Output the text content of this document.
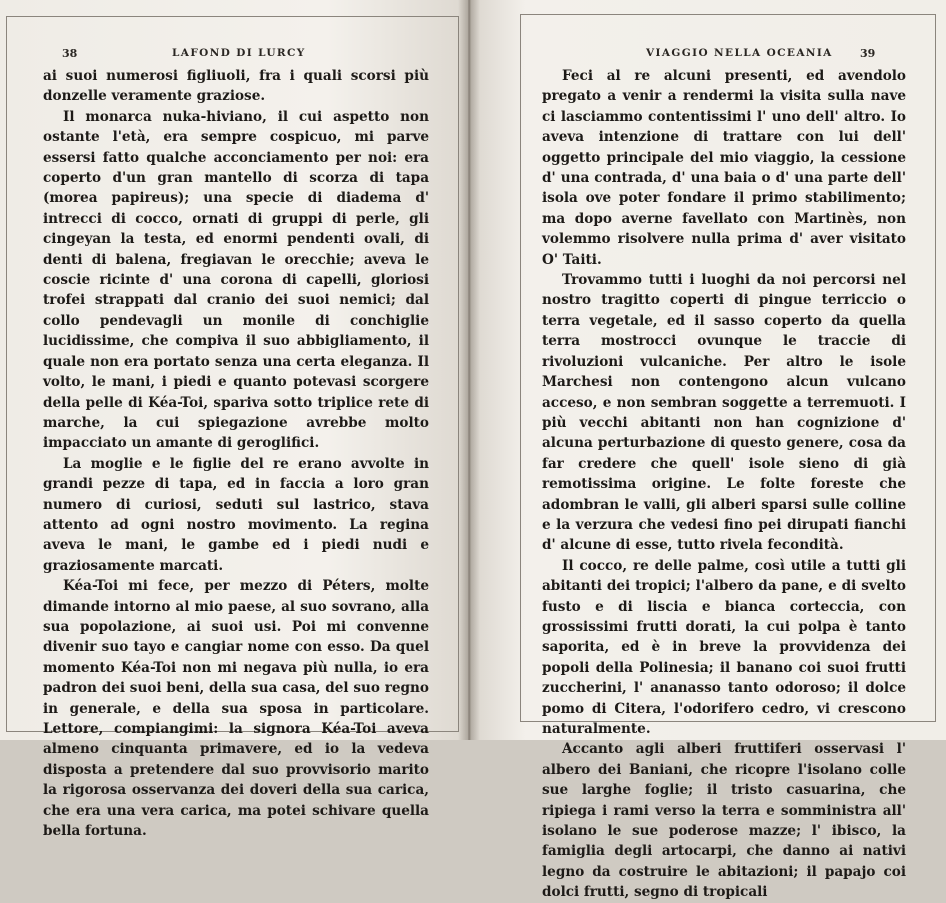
38	LAFOND DI LURCY

ai suoi numerosi figliuoli, fra i quali scorsi più donzelle veramente graziose.

Il monarca nuka-hiviano, il cui aspetto non ostante l'età, era sempre cospicuo, mi parve essersi fatto qualche acconciamento per noi: era coperto d'un gran mantello di scorza di tapa (morea papireus); una specie di diadema d' intrecci di cocco, ornati di gruppi di perle, gli cingeyan la testa, ed enormi pendenti ovali, di denti di balena, fregiavan le orecchie; aveva le coscie ricinte d' una corona di capelli, gloriosi trofei strappati dal cranio dei suoi nemici; dal collo pendevagli un monile di conchiglie lucidissime, che compiva il suo abbigliamento, il quale non era portato senza una certa eleganza. Il volto, le mani, i piedi e quanto potevasi scorgere della pelle di Kéa-Toi, spariva sotto triplice rete di marche, la cui spiegazione avrebbe molto impacciato un amante di geroglifici.

La moglie e le figlie del re erano avvolte in grandi pezze di tapa, ed in faccia a loro gran numero di curiosi, seduti sul lastrico, stava attento ad ogni nostro movimento. La regina aveva le mani, le gambe ed i piedi nudi e graziosamente marcati.

Kéa-Toi mi fece, per mezzo di Péters, molte dimande intorno al mio paese, al suo sovrano, alla sua popolazione, ai suoi usi. Poi mi convenne divenir suo tayo e cangiar nome con esso. Da quel momento Kéa-Toi non mi negava più nulla, io era padron dei suoi beni, della sua casa, del suo regno in generale, e della sua sposa in particolare. Lettore, compiangimi: la signora Kéa-Toi aveva almeno cinquanta primavere, ed io la vedeva disposta a pretendere dal suo provvisorio marito la rigorosa osservanza dei doveri della sua carica, che era una vera carica, ma potei schivare quella bella fortuna.

VIAGGIO NELLA OCEANIA 39

Feci al re alcuni presenti, ed avendolo pregato a venir a rendermi la visita sulla nave ci lasciammo contentissimi l' uno dell' altro. Io aveva intenzione di trattare con lui dell' oggetto principale del mio viaggio, la cessione d' una contrada, d' una baia o d' una parte dell' isola ove poter fondare il primo stabilimento; ma dopo averne favellato con Martinès, non volemmo risolvere nulla prima d' aver visitato O' Taiti.

Trovammo tutti i luoghi da noi percorsi nel nostro tragitto coperti di pingue terriccio o terra vegetale, ed il sasso coperto da quella terra mostrocci ovunque le traccie di rivoluzioni vulcaniche. Per altro le isole Marchesi non contengono alcun vulcano acceso, e non sembran soggette a terremuoti. I più vecchi abitanti non han cognizione d' alcuna perturbazione di questo genere, cosa da far credere che quell' isole sieno di già remotissima origine. Le folte foreste che adombran le valli, gli alberi sparsi sulle colline e la verzura che vedesi fino pei dirupati fianchi d' alcune di esse, tutto rivela fecondità.

Il cocco, re delle palme, così utile a tutti gli abitanti dei tropici; l'albero da pane, e di svelto fusto e di liscia e bianca corteccia, con grossissimi frutti dorati, la cui polpa è tanto saporita, ed è in breve la provvidenza dei popoli della Polinesia; il banano coi suoi frutti zuccherini, l' ananasso tanto odoroso; il dolce pomo di Citera, l'odorifero cedro, vi crescono naturalmente.

Accanto agli alberi fruttiferi osservasi l' albero dei Baniani, che ricopre l'isolano colle sue larghe foglie; il tristo casuarina, che ripiega i rami verso la terra e somministra all' isolano le sue poderose mazze; l' ibisco, la famiglia degli artocarpi, che danno ai nativi legno da costruire le abitazioni; il papajo coi dolci frutti, segno di tropicali
